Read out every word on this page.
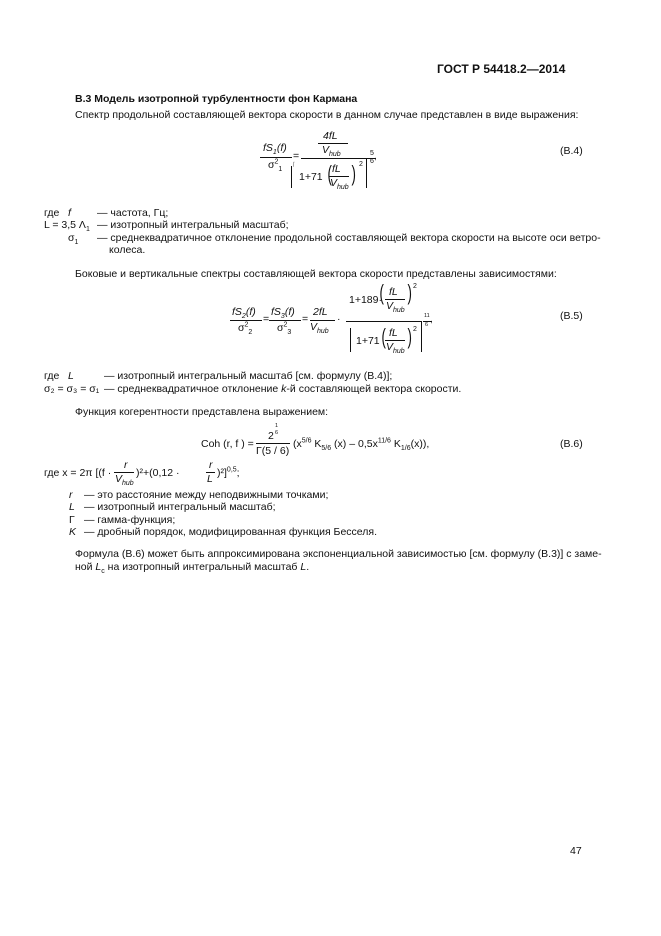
ГОСТ Р 54418.2—2014
В.3 Модель изотропной турбулентности фон Кармана
Спектр продольной составляющей вектора скорости в данном случае представлен в виде выражения:
$fS_1(f)$
$\sigma^2_1$
=
4fL
$V_{hub}$
⌈
1+71 ( fL
$V_{hub}$
) 2
5
6 ,	(В.4)
где f — частота, Гц;
L = 3,5 $\Lambda_1$ — изотропный интегральный масштаб;
$\sigma_1$ — среднеквадратичное отклонение продольной составляющей вектора скорости на высоте оси ветро-
колеса.
Боковые и вертикальные спектры составляющей вектора скорости представлены зависимостями:
$fS_2(f)$
$\sigma^2_2$
=
$fS_3(f)$
$\sigma^2_3$
=
2fL
$V_{hub}$
·
1+189·
( fL
$V_{hub}$
) 2
1+71 ( fL
$V_{hub}$
) 2
11
6 ,	(В.5)
где L	— изотропный интегральный масштаб [см. формулу (В.4)];
σ₂ = σ₃ = σ₁ — среднеквадратичное отклонение k-й составляющей вектора скорости.
Функция когерентности представлена выражением:
Coh (r, f ) =
2
1
6
Γ(5 / 6)
($x^{5/6}$ $K_{5/6}$ $(x) - 0,5x^{11/6}$ $K_{1/6}(x)$),	(В.6)
где x = 2π [(f ·
r
$V_{hub}$
)²+(0,12 ·
r
L )²]$^{0,5}$;
r — это расстояние между неподвижными точками;
L — изотропный интегральный масштаб;
Γ — гамма-функция;
K — дробный порядок, модифицированная функция Бесселя.
Формула (В.6) может быть аппроксимирована экспоненциальной зависимостью [см. формулу (В.3)] с заме-
ной $L_c$ на изотропный интегральный масштаб L.
47
